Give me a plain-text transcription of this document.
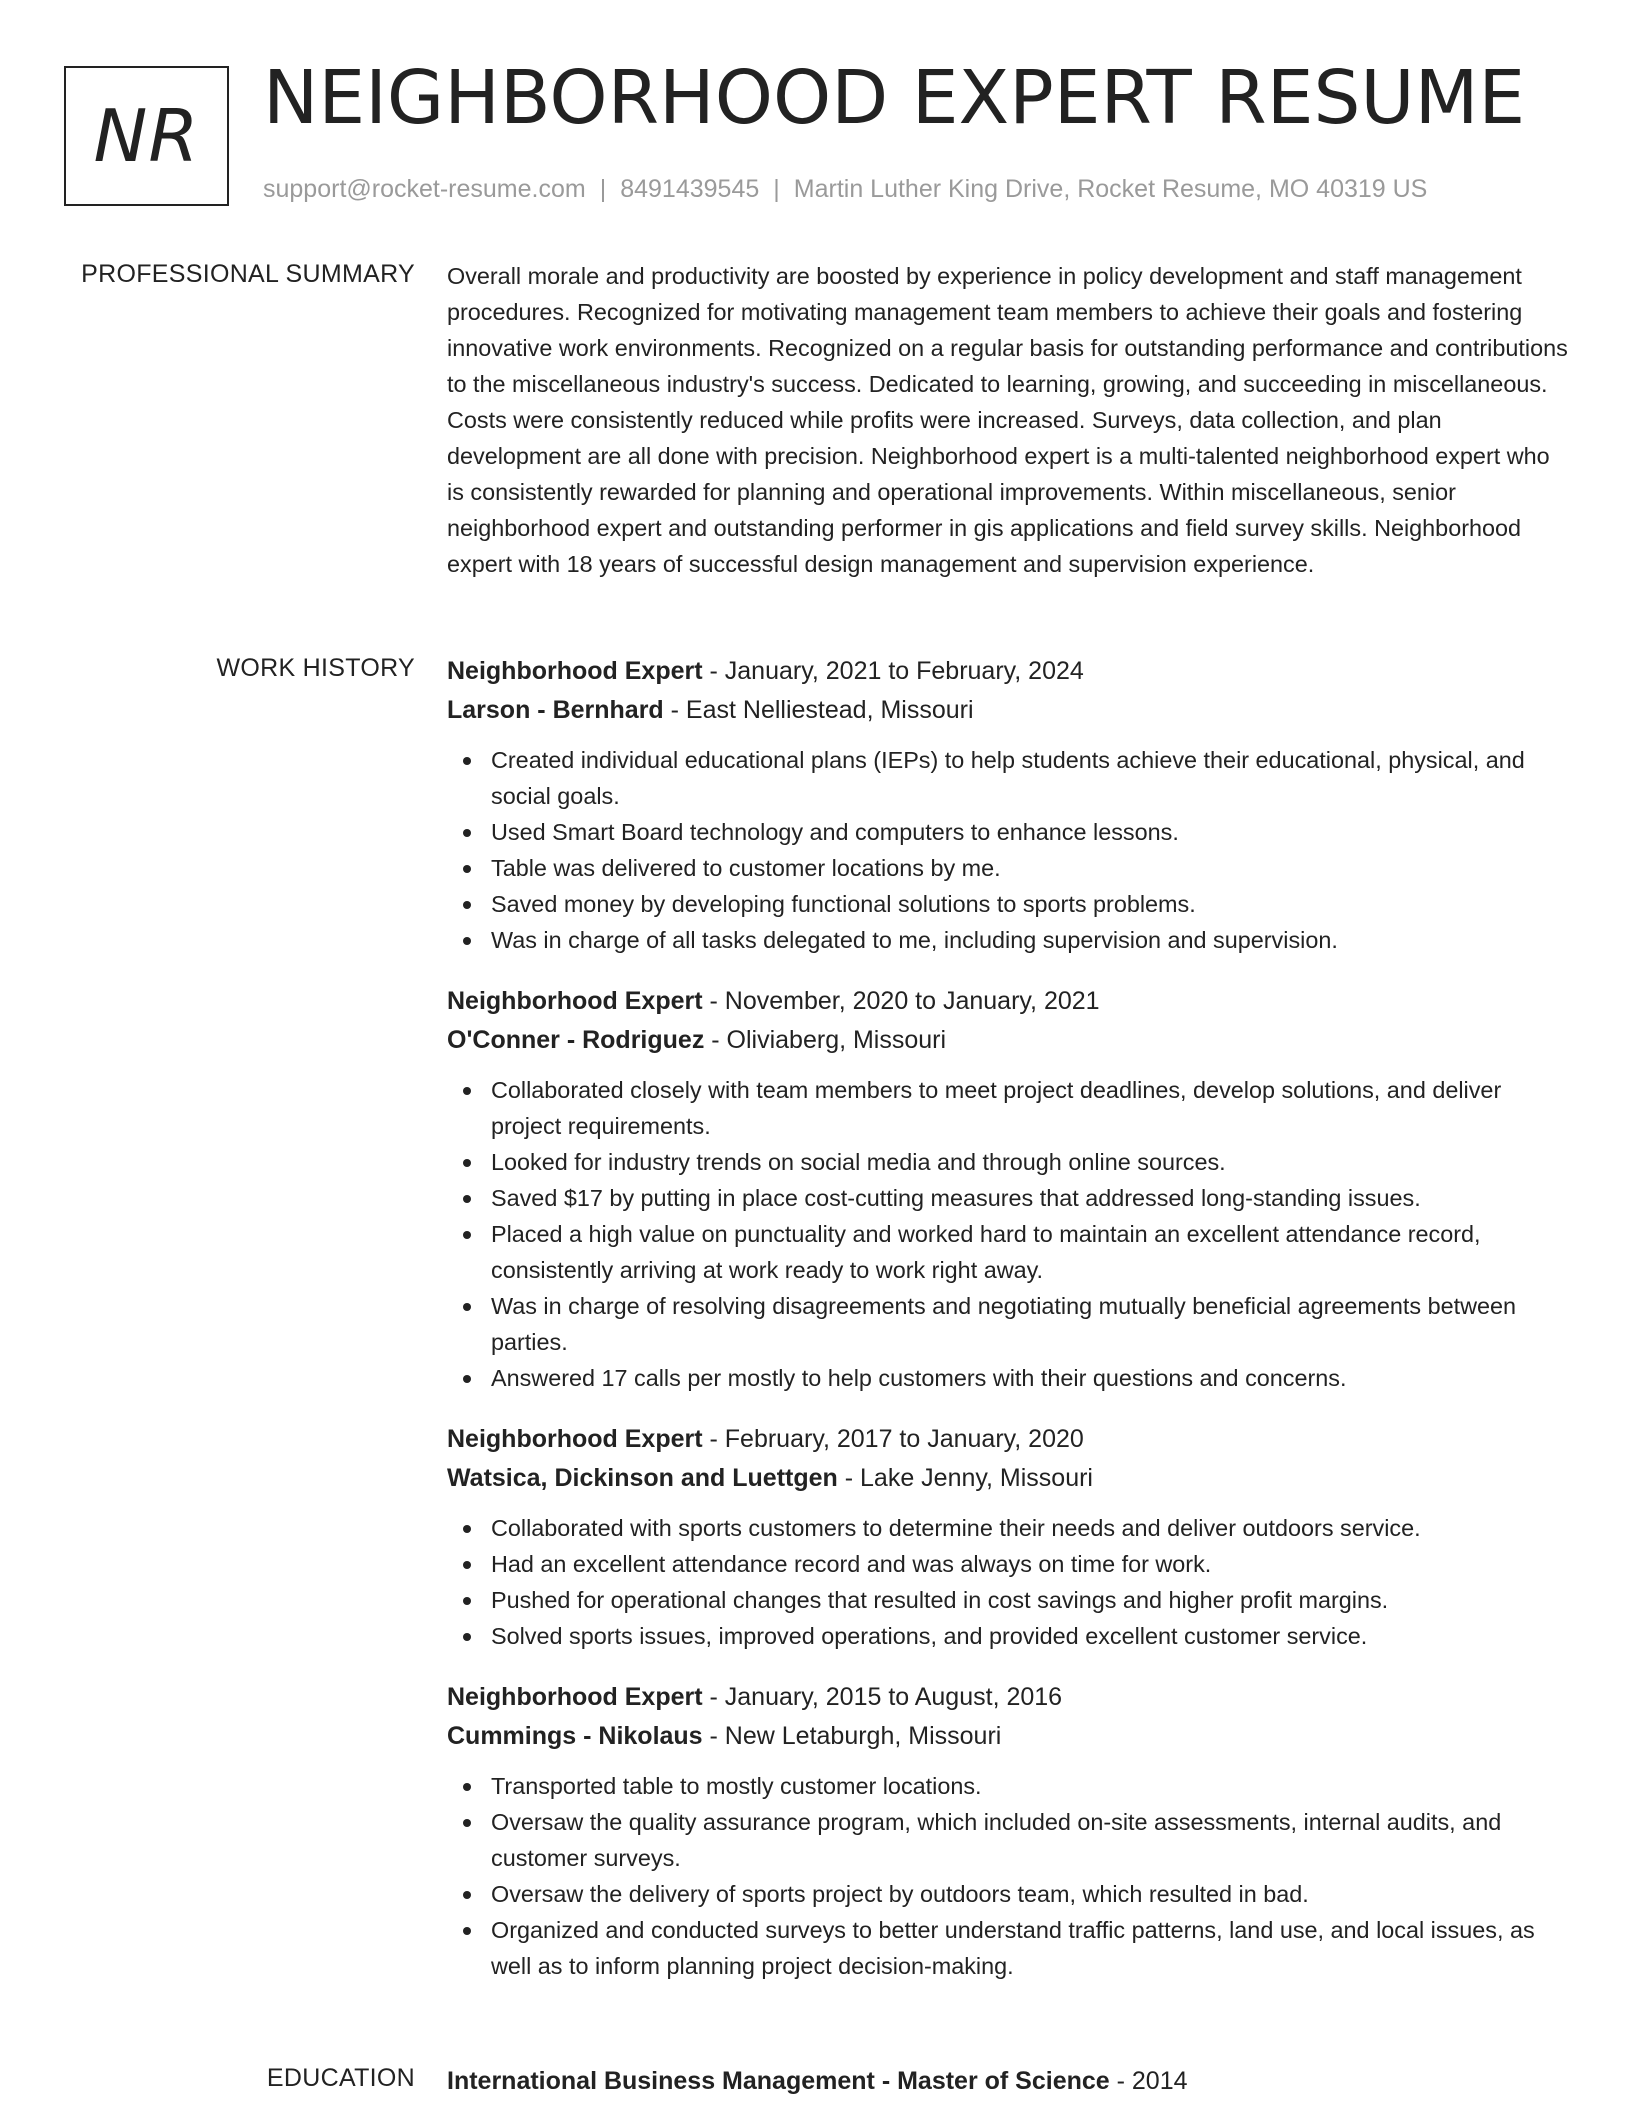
NR NEIGHBORHOOD EXPERT RESUME
support@rocket-resume.com | 8491439545 | Martin Luther King Drive, Rocket Resume, MO 40319 US
PROFESSIONAL SUMMARY Overall morale and productivity are boosted by experience in policy development and staff management procedures. Recognized for motivating management team members to achieve their goals and fostering innovative work environments. Recognized on a regular basis for outstanding performance and contributions to the miscellaneous industry's success. Dedicated to learning, growing, and succeeding in miscellaneous. Costs were consistently reduced while profits were increased. Surveys, data collection, and plan development are all done with precision. Neighborhood expert is a multi-talented neighborhood expert who is consistently rewarded for planning and operational improvements. Within miscellaneous, senior neighborhood expert and outstanding performer in gis applications and field survey skills. Neighborhood expert with 18 years of successful design management and supervision experience.

WORK HISTORY Neighborhood Expert - January, 2021 to February, 2024
Larson - Bernhard - East Nelliestead, Missouri
Created individual educational plans (IEPs) to help students achieve their educational, physical, and social goals.
Used Smart Board technology and computers to enhance lessons.
Table was delivered to customer locations by me.
Saved money by developing functional solutions to sports problems.
Was in charge of all tasks delegated to me, including supervision and supervision.
Neighborhood Expert - November, 2020 to January, 2021
O'Conner - Rodriguez - Oliviaberg, Missouri
Collaborated closely with team members to meet project deadlines, develop solutions, and deliver project requirements.
Looked for industry trends on social media and through online sources.
Saved $17 by putting in place cost-cutting measures that addressed long-standing issues.
Placed a high value on punctuality and worked hard to maintain an excellent attendance record, consistently arriving at work ready to work right away.
Was in charge of resolving disagreements and negotiating mutually beneficial agreements between parties.
Answered 17 calls per mostly to help customers with their questions and concerns.
Neighborhood Expert - February, 2017 to January, 2020
Watsica, Dickinson and Luettgen - Lake Jenny, Missouri
Collaborated with sports customers to determine their needs and deliver outdoors service.
Had an excellent attendance record and was always on time for work.
Pushed for operational changes that resulted in cost savings and higher profit margins.
Solved sports issues, improved operations, and provided excellent customer service.
Neighborhood Expert - January, 2015 to August, 2016
Cummings - Nikolaus - New Letaburgh, Missouri
Transported table to mostly customer locations.
Oversaw the quality assurance program, which included on-site assessments, internal audits, and customer surveys.
Oversaw the delivery of sports project by outdoors team, which resulted in bad.
Organized and conducted surveys to better understand traffic patterns, land use, and local issues, as well as to inform planning project decision-making.
EDUCATION International Business Management - Master of Science - 2014
